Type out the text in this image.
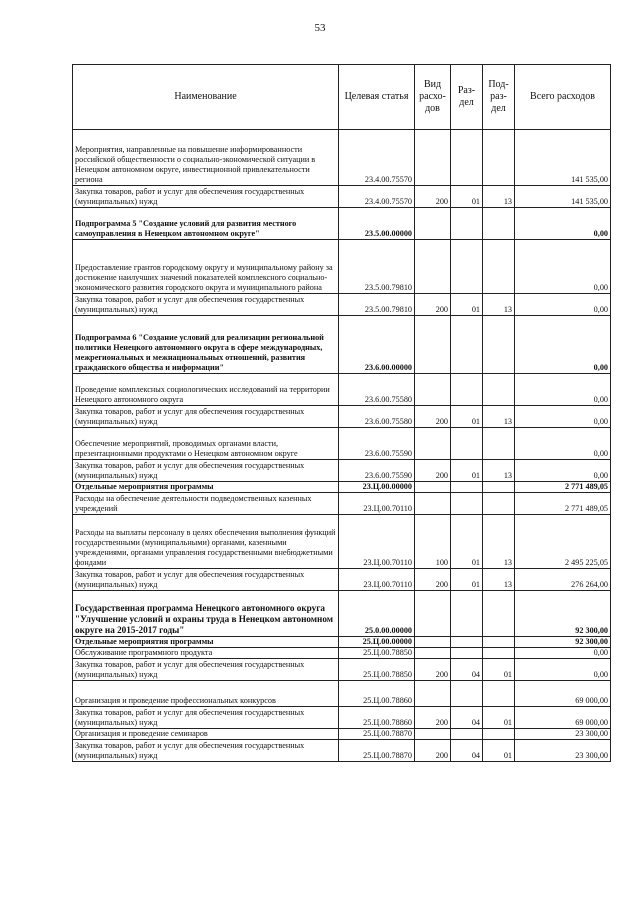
53
Наименование	Целевая статья	Вид расхо-дов	Раз-дел	Под-раз-дел	Всего расходов
Мероприятия, направленные на повышение информированности российской общественности о социально-экономической ситуации в Ненецком автономном округе, инвестиционной привлекательности региона	23.4.00.75570				141 535,00
Закупка товаров, работ и услуг для обеспечения государственных (муниципальных) нужд	23.4.00.75570	200	01	13	141 535,00
Подпрограмма 5 "Создание условий для развития местного самоуправления в Ненецком автономном округе"	23.5.00.00000				0,00
Предоставление грантов городскому округу и муниципальному району за достижение наилучших значений показателей комплексного социально-экономического развития городского округа и муниципального района	23.5.00.79810				0,00
Закупка товаров, работ и услуг для обеспечения государственных (муниципальных) нужд	23.5.00.79810	200	01	13	0,00
Подпрограмма 6 "Создание условий для реализации региональной политики Ненецкого автономного округа в сфере международных, межрегиональных и межнациональных отношений, развития гражданского общества и информации"	23.6.00.00000				0,00
Проведение комплексных социологических исследований на территории Ненецкого автономного округа	23.6.00.75580				0,00
Закупка товаров, работ и услуг для обеспечения государственных (муниципальных) нужд	23.6.00.75580	200	01	13	0,00
Обеспечение мероприятий, проводимых органами власти, презентационными продуктами о Ненецком автономном округе	23.6.00.75590				0,00
Закупка товаров, работ и услуг для обеспечения государственных (муниципальных) нужд	23.6.00.75590	200	01	13	0,00
Отдельные мероприятия программы	23.Ц.00.00000				2 771 489,05
Расходы на обеспечение деятельности подведомственных казенных учреждений	23.Ц.00.70110				2 771 489,05
Расходы на выплаты персоналу в целях обеспечения выполнения функций государственными (муниципальными) органами, казенными учреждениями, органами управления государственными внебюджетными фондами	23.Ц.00.70110	100	01	13	2 495 225,05
Закупка товаров, работ и услуг для обеспечения государственных (муниципальных) нужд	23.Ц.00.70110	200	01	13	276 264,00
Государственная программа Ненецкого автономного округа "Улучшение условий и охраны труда в Ненецком автономном округе на 2015-2017 годы"	25.0.00.00000				92 300,00
Отдельные мероприятия программы	25.Ц.00.00000				92 300,00
Обслуживание программного продукта	25.Ц.00.78850				0,00
Закупка товаров, работ и услуг для обеспечения государственных (муниципальных) нужд	25.Ц.00.78850	200	04	01	0,00
Организация и проведение профессиональных конкурсов	25.Ц.00.78860				69 000,00
Закупка товаров, работ и услуг для обеспечения государственных (муниципальных) нужд	25.Ц.00.78860	200	04	01	69 000,00
Организация и проведение семинаров	25.Ц.00.78870				23 300,00
Закупка товаров, работ и услуг для обеспечения государственных (муниципальных) нужд	25.Ц.00.78870	200	04	01	23 300,00
